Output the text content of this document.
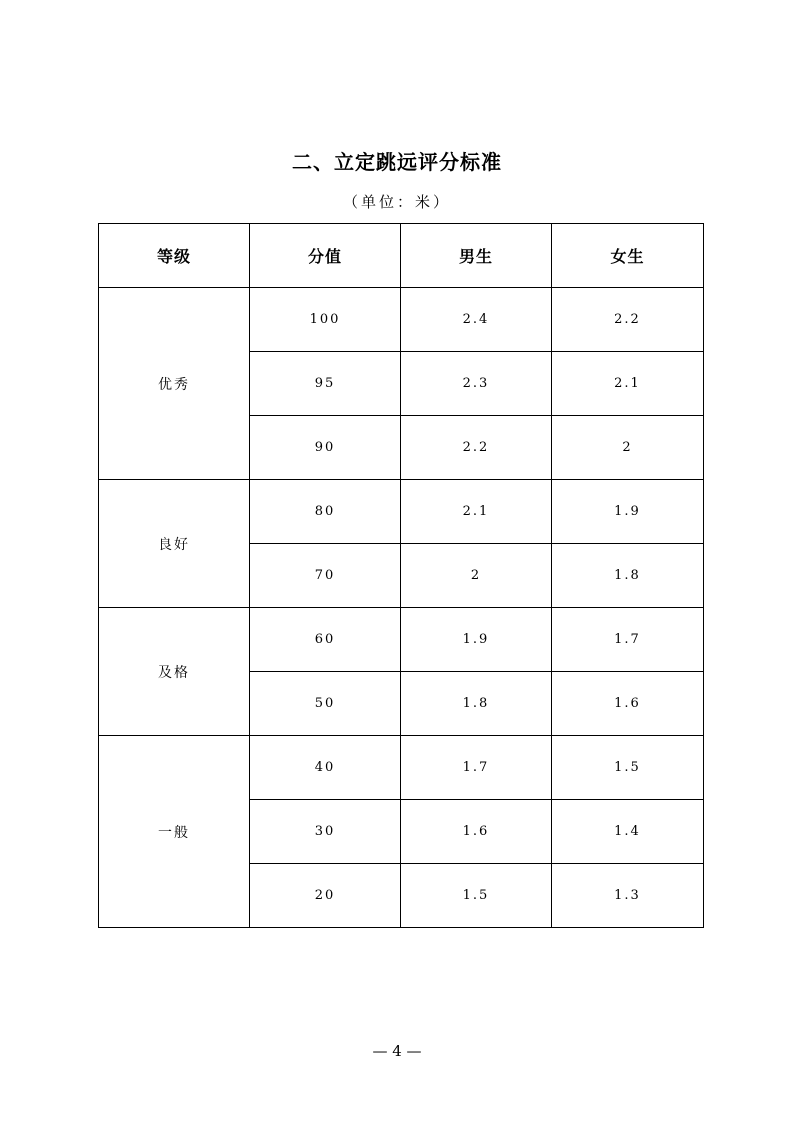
二、立定跳远评分标准
（单位：米）
等级	分值	男生	女生
优秀	100	2.4	2.2
	95	2.3	2.1
	90	2.2	2
良好	80	2.1	1.9
	70	2	1.8
及格	60	1.9	1.7
	50	1.8	1.6
一般	40	1.7	1.5
	30	1.6	1.4
	20	1.5	1.3
— 4 —
